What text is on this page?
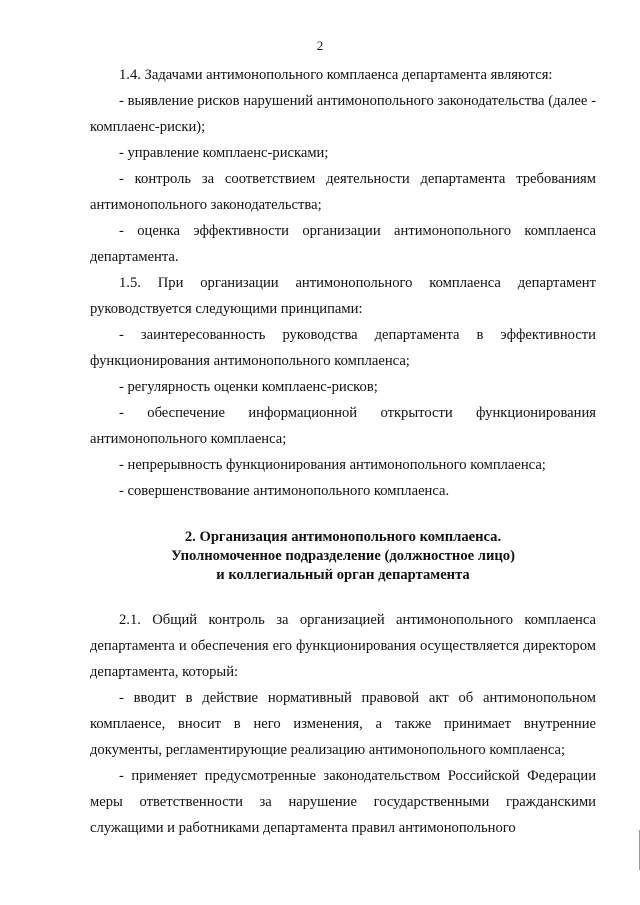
2

1.4. Задачами антимонопольного комплаенса департамента являются:

- выявление рисков нарушений антимонопольного законодательства (далее - комплаенс-риски);

- управление комплаенс-рисками;

- контроль за соответствием деятельности департамента требованиям антимонопольного законодательства;

- оценка эффективности организации антимонопольного комплаенса департамента.

1.5. При организации антимонопольного комплаенса департамент руководствуется следующими принципами:

- заинтересованность руководства департамента в эффективности функционирования антимонопольного комплаенса;

- регулярность оценки комплаенс-рисков;

- обеспечение информационной открытости функционирования антимонопольного комплаенса;

- непрерывность функционирования антимонопольного комплаенса;

- совершенствование антимонопольного комплаенса.

2. Организация антимонопольного комплаенса.
Уполномоченное подразделение (должностное лицо)
и коллегиальный орган департамента

2.1. Общий контроль за организацией антимонопольного комплаенса департамента и обеспечения его функционирования осуществляется директором департамента, который:

- вводит в действие нормативный правовой акт об антимонопольном комплаенсе, вносит в него изменения, а также принимает внутренние документы, регламентирующие реализацию антимонопольного комплаенса;

- применяет предусмотренные законодательством Российской Федерации меры ответственности за нарушение государственными гражданскими служащими и работниками департамента правил антимонопольного
